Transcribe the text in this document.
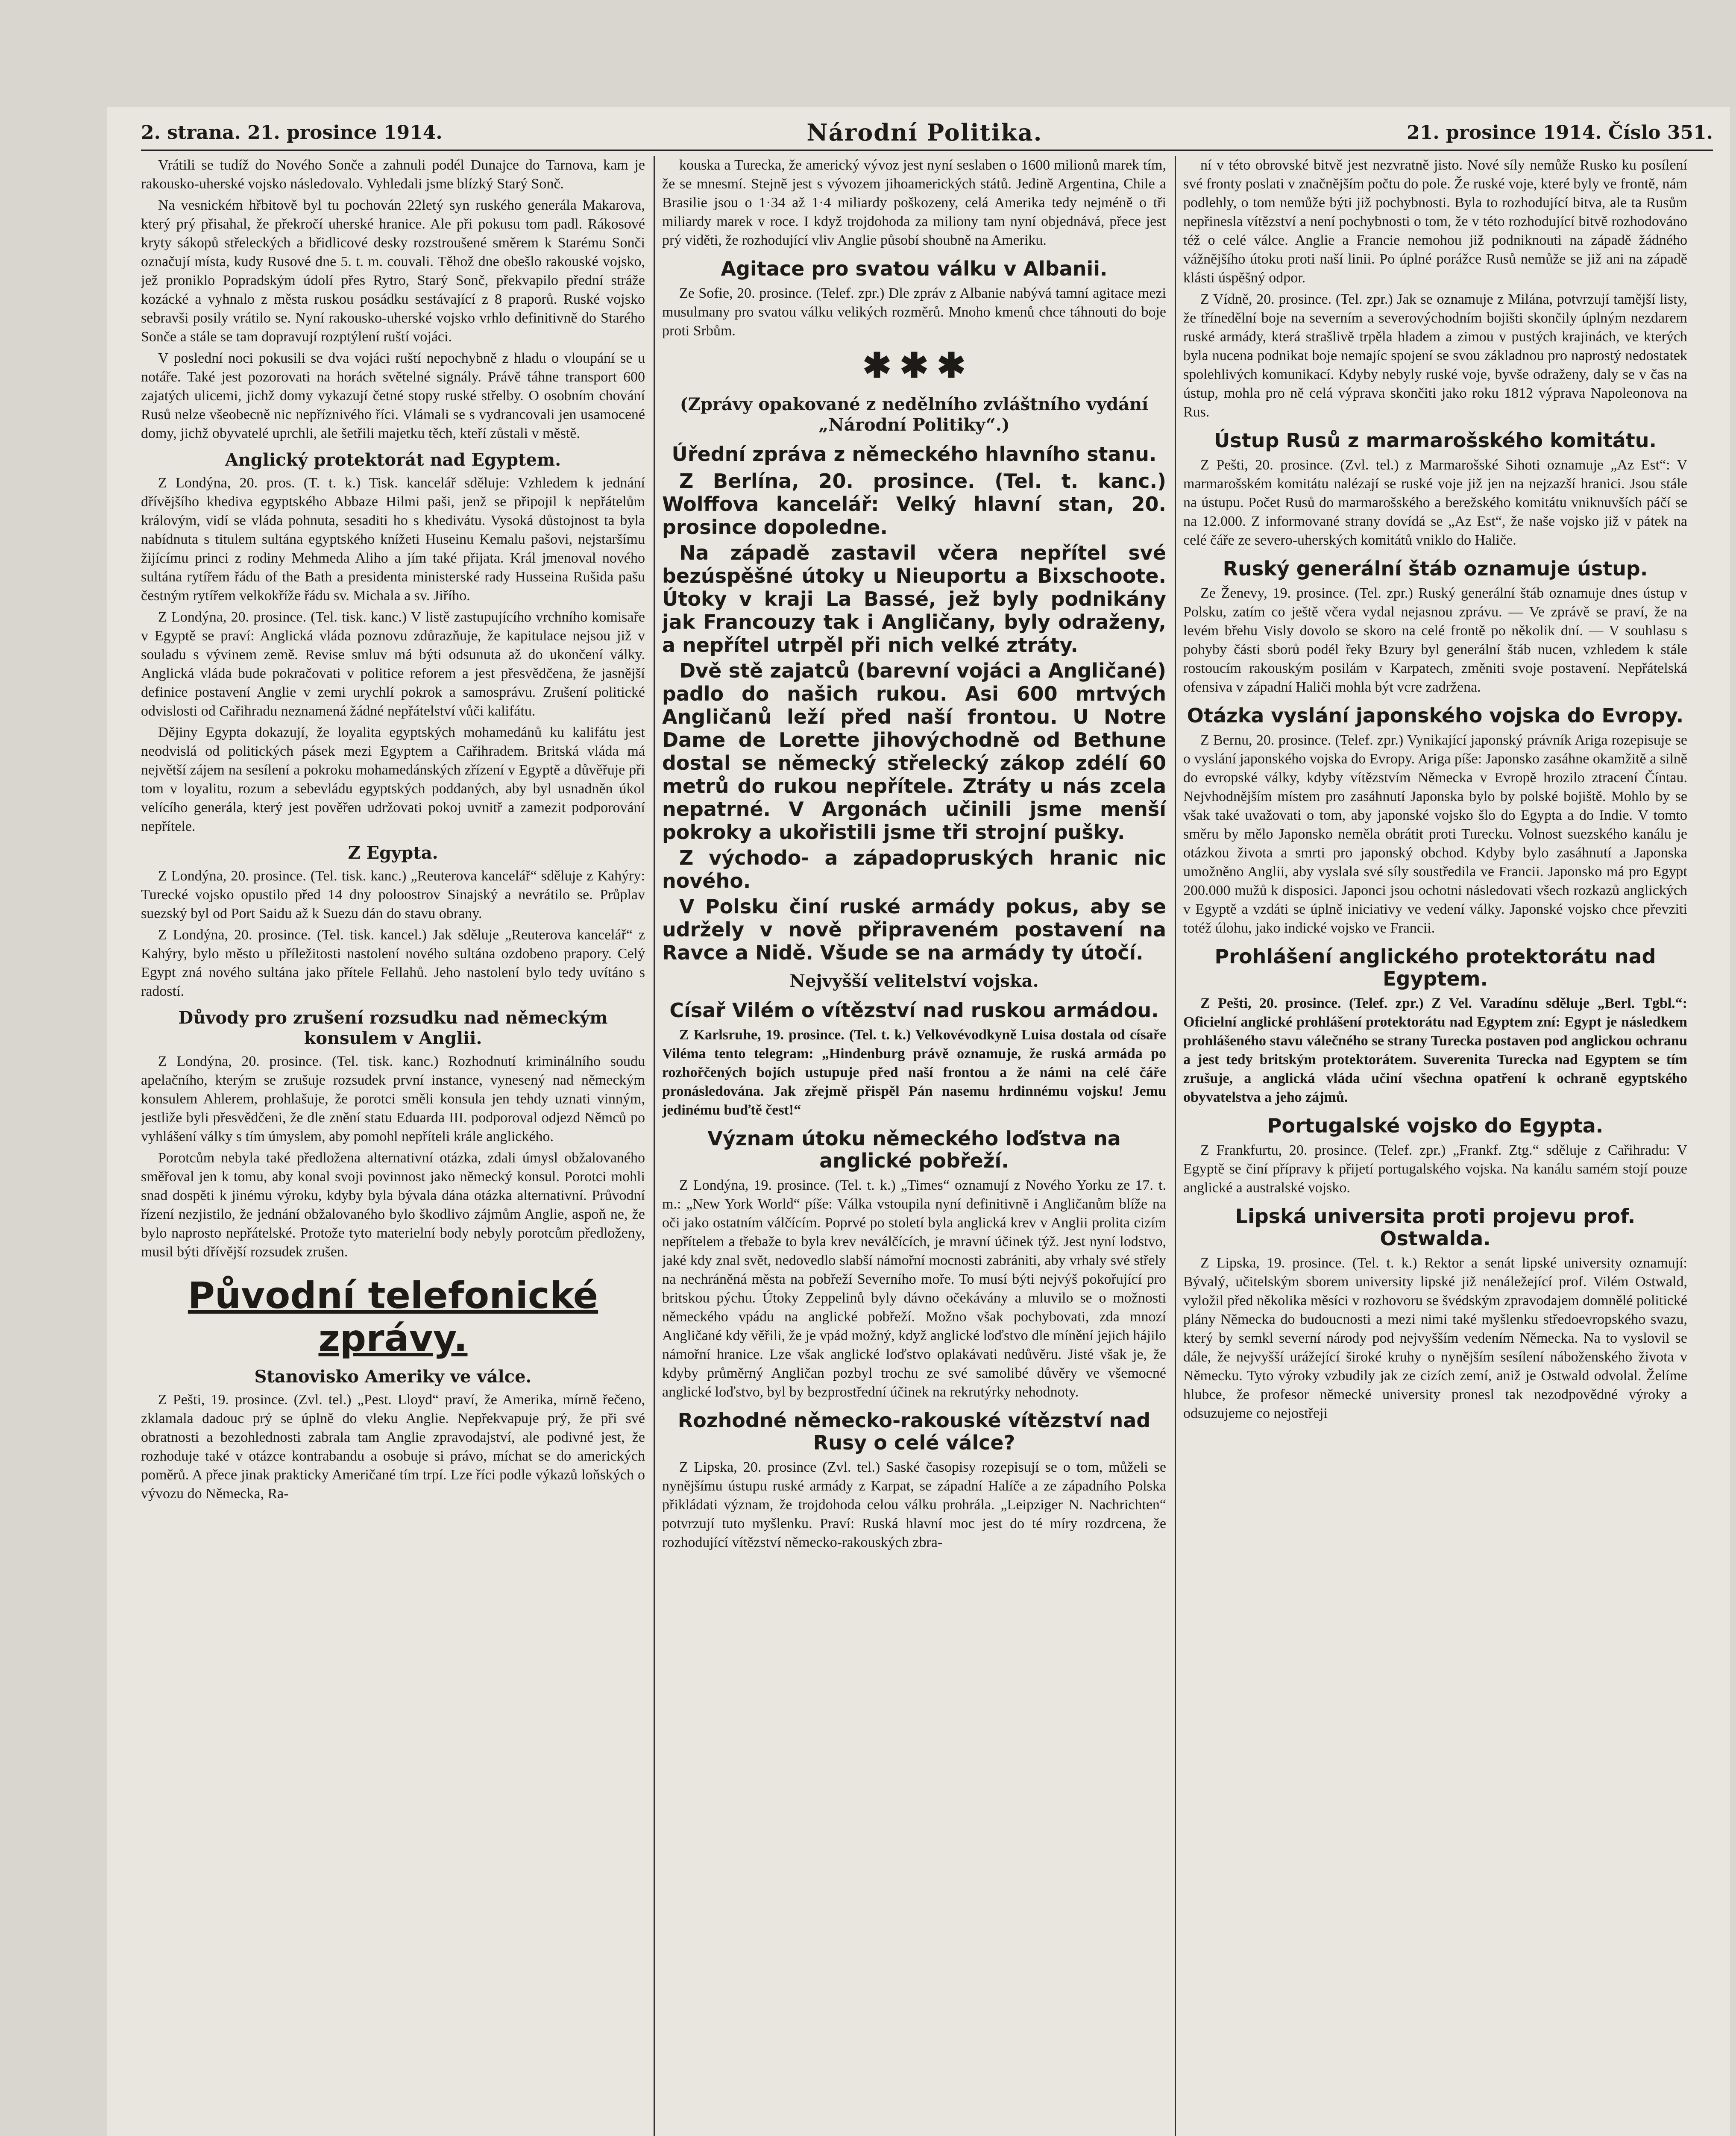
2. strana. 21. prosince 1914.	Národní Politika.	21. prosince 1914. Číslo 351.

Vrátili se tudíž do Nového Sonče a zahnuli podél Dunajce do Tarnova, kam je rakousko-uherské vojsko následovalo. Vyhledali jsme blízký Starý Sonč.

Na vesnickém hřbitově byl tu pochován 22letý syn ruského generála Makarova, který prý přisahal, že překročí uherské hranice. Ale při pokusu tom padl. Rákosové kryty sákopů střeleckých a břidlicové desky rozstroušené směrem k Starému Sonči označují místa, kudy Rusové dne 5. t. m. couvali. Těhož dne obešlo rakouské vojsko, jež proniklo Popradským údolí přes Rytro, Starý Sonč, překvapilo přední stráže kozácké a vyhnalo z města ruskou posádku sestávající z 8 praporů. Ruské vojsko sebravši posily vrátilo se. Nyní rakousko-uherské vojsko vrhlo definitivně do Starého Sonče a stále se tam dopravují rozptýlení ruští vojáci.

V poslední noci pokusili se dva vojáci ruští nepochybně z hladu o vloupání se u notáře. Také jest pozorovati na horách světelné signály. Právě táhne transport 600 zajatých ulicemi, jichž domy vykazují četné stopy ruské střelby. O osobním chování Rusů nelze všeobecně nic nepříznivého říci. Vlámali se s vydrancovali jen usamocené domy, jichž obyvatelé uprchli, ale šetřili majetku těch, kteří zůstali v městě.

Anglický protektorát nad Egyptem.

Z Londýna, 20. pros. (T. t. k.) Tisk. kancelář sděluje: Vzhledem k jednání dřívějšího khediva egyptského Abbaze Hilmi paši, jenž se připojil k nepřátelům královým, vidí se vláda pohnuta, sesaditi ho s khedivátu. Vysoká důstojnost ta byla nabídnuta s titulem sultána egyptského knížeti Huseinu Kemalu pašovi, nejstaršímu žijícímu princi z rodiny Mehmeda Aliho a jím také přijata. Král jmenoval nového sultána rytířem řádu of the Bath a presidenta ministerské rady Husseina Rušida pašu čestným rytířem velkokříže řádu sv. Michala a sv. Jiřího.

Z Londýna, 20. prosince. (Tel. tisk. kanc.) V listě zastupujícího vrchního komisaře v Egyptě se praví: Anglická vláda poznovu zdůrazňuje, že kapitulace nejsou již v souladu s vývinem země. Revise smluv má býti odsunuta až do ukončení války. Anglická vláda bude pokračovati v politice reforem a jest přesvědčena, že jasnější definice postavení Anglie v zemi urychlí pokrok a samosprávu. Zrušení politické odvislosti od Cařihradu neznamená žádné nepřátelství vůči kalifátu.

Dějiny Egypta dokazují, že loyalita egyptských mohamedánů ku kalifátu jest neodvislá od politických pásek mezi Egyptem a Cařihradem. Britská vláda má největší zájem na sesílení a pokroku mohamedánských zřízení v Egyptě a důvěřuje při tom v loyalitu, rozum a sebevládu egyptských poddaných, aby byl usnadněn úkol velícího generála, který jest pověřen udržovati pokoj uvnitř a zamezit podporování nepřítele.

Z Egypta.

Z Londýna, 20. prosince. (Tel. tisk. kanc.) „Reuterova kancelář“ sděluje z Kahýry: Turecké vojsko opustilo před 14 dny poloostrov Sinajský a nevrátilo se. Průplav suezský byl od Port Saidu až k Suezu dán do stavu obrany.

Z Londýna, 20. prosince. (Tel. tisk. kancel.) Jak sděluje „Reuterova kancelář“ z Kahýry, bylo město u příležitosti nastolení nového sultána ozdobeno prapory. Celý Egypt zná nového sultána jako přítele Fellahů. Jeho nastolení bylo tedy uvítáno s radostí.

Důvody pro zrušení rozsudku nad německým konsulem v Anglii.

Z Londýna, 20. prosince. (Tel. tisk. kanc.) Rozhodnutí kriminálního soudu apelačního, kterým se zrušuje rozsudek první instance, vynesený nad německým konsulem Ahlerem, prohlašuje, že porotci směli konsula jen tehdy uznati vinným, jestliže byli přesvědčeni, že dle znění statu Eduarda III. podporoval odjezd Němců po vyhlášení války s tím úmyslem, aby pomohl nepříteli krále anglického.

Porotcům nebyla také předložena alternativní otázka, zdali úmysl obžalovaného směřoval jen k tomu, aby konal svoji povinnost jako německý konsul. Porotci mohli snad dospěti k jinému výroku, kdyby byla bývala dána otázka alternativní. Průvodní řízení nezjistilo, že jednání obžalovaného bylo škodlivo zájmům Anglie, aspoň ne, že bylo naprosto nepřátelské. Protože tyto materielní body nebyly porotcům předloženy, musil býti dřívější rozsudek zrušen.

Původní telefonické zprávy.
Stanovisko Ameriky ve válce.

Z Pešti, 19. prosince. (Zvl. tel.) „Pest. Lloyd“ praví, že Amerika, mírně řečeno, zklamala dadouc prý se úplně do vleku Anglie. Nepřekvapuje prý, že při své obratnosti a bezohlednosti zabrala tam Anglie zpravodajství, ale podivné jest, že rozhoduje také v otázce kontrabandu a osobuje si právo, míchat se do amerických poměrů. A přece jinak prakticky Američané tím trpí. Lze říci podle výkazů loňských o vývozu do Německa, Ra-

kouska a Turecka, že americký vývoz jest nyní seslaben o 1600 milionů marek tím, že se mnesmí. Stejně jest s vývozem jihoamerických států. Jedině Argentina, Chile a Brasilie jsou o 1·34 až 1·4 miliardy poškozeny, celá Amerika tedy nejméně o tři miliardy marek v roce. I když trojdohoda za miliony tam nyní objednává, přece jest prý viděti, že rozhodující vliv Anglie působí shoubně na Ameriku.

Agitace pro svatou válku v Albanii.

Ze Sofie, 20. prosince. (Telef. zpr.) Dle zpráv z Albanie nabývá tamní agitace mezi musulmany pro svatou válku velikých rozměrů. Mnoho kmenů chce táhnouti do boje proti Srbům.

✱ ✱ ✱
(Zprávy opakované z nedělního zvláštního vydání „Národní Politiky“.)
Úřední zpráva z německého hlavního stanu.

Z Berlína, 20. prosince. (Tel. t. kanc.) Wolffova kancelář: Velký hlavní stan, 20. prosince dopoledne.

Na západě zastavil včera nepřítel své bezúspěšné útoky u Nieuportu a Bixschoote. Útoky v kraji La Bassé, jež byly podnikány jak Francouzy tak i Angličany, byly odraženy, a nepřítel utrpěl při nich velké ztráty.

Dvě stě zajatců (barevní vojáci a Angličané) padlo do našich rukou. Asi 600 mrtvých Angličanů leží před naší frontou. U Notre Dame de Lorette jihovýchodně od Bethune dostal se německý střelecký zákop zdélí 60 metrů do rukou nepřítele. Ztráty u nás zcela nepatrné. V Argonách učinili jsme menší pokroky a ukořistili jsme tři strojní pušky.

Z východo- a západopruských hranic nic nového.

V Polsku činí ruské armády pokus, aby se udržely v nově připraveném postavení na Ravce a Nidě. Všude se na armády ty útočí.

Nejvyšší velitelství vojska.
Císař Vilém o vítězství nad ruskou armádou.

Z Karlsruhe, 19. prosince. (Tel. t. k.) Velkovévodkyně Luisa dostala od císaře Viléma tento telegram: „Hindenburg právě oznamuje, že ruská armáda po rozhořčených bojích ustupuje před naší frontou a že námi na celé čáře pronásledována. Jak zřejmě přispěl Pán nasemu hrdinnému vojsku! Jemu jedinému buďtě čest!“

Význam útoku německého loďstva na anglické pobřeží.

Z Londýna, 19. prosince. (Tel. t. k.) „Times“ oznamují z Nového Yorku ze 17. t. m.: „New York World“ píše: Válka vstoupila nyní definitivně i Angličanům blíže na oči jako ostatním válčícím. Poprvé po století byla anglická krev v Anglii prolita cizím nepřítelem a třebaže to byla krev neválčících, je mravní účinek týž. Jest nyní lodstvo, jaké kdy znal svět, nedovedlo slabší námořní mocnosti zabrániti, aby vrhaly své střely na nechráněná města na pobřeží Severního moře. To musí býti nejvýš pokořující pro britskou pýchu. Útoky Zeppelinů byly dávno očekávány a mluvilo se o možnosti německého vpádu na anglické pobřeží. Možno však pochybovati, zda mnozí Angličané kdy věřili, že je vpád možný, když anglické loďstvo dle mínění jejich hájilo námořní hranice. Lze však anglické loďstvo oplakávati nedůvěru. Jisté však je, že kdyby průměrný Angličan pozbyl trochu ze své samolibé důvěry ve všemocné anglické loďstvo, byl by bezprostřední účinek na rekrutýrky nehodnoty.

Rozhodné německo-rakouské vítězství nad Rusy o celé válce?

Z Lipska, 20. prosince (Zvl. tel.) Saské časopisy rozepisují se o tom, můželi se nynějšímu ústupu ruské armády z Karpat, se západní Halíče a ze západního Polska přikládati význam, že trojdohoda celou válku prohrála. „Leipziger N. Nachrichten“ potvrzují tuto myšlenku. Praví: Ruská hlavní moc jest do té míry rozdrcena, že rozhodující vítězství německo-rakouských zbra-

ní v této obrovské bitvě jest nezvratně jisto. Nové síly nemůže Rusko ku posílení své fronty poslati v značnějším počtu do pole. Že ruské voje, které byly ve frontě, nám podlehly, o tom nemůže býti již pochybnosti. Byla to rozhodující bitva, ale ta Rusům nepřinesla vítězství a není pochybnosti o tom, že v této rozhodující bitvě rozhodováno též o celé válce. Anglie a Francie nemohou již podniknouti na západě žádného vážnějšího útoku proti naší linii. Po úplné porážce Rusů nemůže se již ani na západě klásti úspěšný odpor.

Z Vídně, 20. prosince. (Tel. zpr.) Jak se oznamuje z Milána, potvrzují tamější listy, že třínedělní boje na severním a severovýchodním bojišti skončily úplným nezdarem ruské armády, která strašlivě trpěla hladem a zimou v pustých krajinách, ve kterých byla nucena podnikat boje nemajíc spojení se svou základnou pro naprostý nedostatek spolehlivých komunikací. Kdyby nebyly ruské voje, byvše odraženy, daly se v čas na ústup, mohla pro ně celá výprava skončiti jako roku 1812 výprava Napoleonova na Rus.

Ústup Rusů z marmarošského komitátu.

Z Pešti, 20. prosince. (Zvl. tel.) z Marmarošské Sihoti oznamuje „Az Est“: V marmarošském komitátu nalézají se ruské voje již jen na nejzazší hranici. Jsou stále na ústupu. Počet Rusů do marmarošského a berežského komitátu vniknuvších páčí se na 12.000. Z informované strany dovídá se „Az Est“, že naše vojsko již v pátek na celé čáře ze severo-uherských komitátů vniklo do Haliče.

Ruský generální štáb oznamuje ústup.

Ze Ženevy, 19. prosince. (Tel. zpr.) Ruský generální štáb oznamuje dnes ústup v Polsku, zatím co ještě včera vydal nejasnou zprávu. — Ve zprávě se praví, že na levém břehu Visly dovolo se skoro na celé frontě po několik dní. — V souhlasu s pohyby části sborů podél řeky Bzury byl generální štáb nucen, vzhledem k stále rostoucím rakouským posilám v Karpatech, změniti svoje postavení. Nepřátelská ofensiva v západní Haliči mohla být vcre zadržena.

Otázka vyslání japonského vojska do Evropy.

Z Bernu, 20. prosince. (Telef. zpr.) Vynikající japonský právník Ariga rozepisuje se o vyslání japonského vojska do Evropy. Ariga píše: Japonsko zasáhne okamžitě a silně do evropské války, kdyby vítězstvím Německa v Evropě hrozilo ztracení Číntau. Nejvhodnějším místem pro zasáhnutí Japonska bylo by polské bojiště. Mohlo by se však také uvažovati o tom, aby japonské vojsko šlo do Egypta a do Indie. V tomto směru by mělo Japonsko neměla obrátit proti Turecku. Volnost suezského kanálu je otázkou života a smrti pro japonský obchod. Kdyby bylo zasáhnutí a Japonska umožněno Anglii, aby vyslala své síly soustředila ve Francii. Japonsko má pro Egypt 200.000 mužů k disposici. Japonci jsou ochotni následovati všech rozkazů anglických v Egyptě a vzdáti se úplně iniciativy ve vedení války. Japonské vojsko chce převziti totéž úlohu, jako indické vojsko ve Francii.

Prohlášení anglického protektorátu nad Egyptem.

Z Pešti, 20. prosince. (Telef. zpr.) Z Vel. Varadínu sděluje „Berl. Tgbl.“: Oficielní anglické prohlášení protektorátu nad Egyptem zní: Egypt je následkem prohlášeného stavu válečného se strany Turecka postaven pod anglickou ochranu a jest tedy britským protektorátem. Suverenita Turecka nad Egyptem se tím zrušuje, a anglická vláda učiní všechna opatření k ochraně egyptského obyvatelstva a jeho zájmů.

Portugalské vojsko do Egypta.

Z Frankfurtu, 20. prosince. (Telef. zpr.) „Frankf. Ztg.“ sděluje z Cařihradu: V Egyptě se činí přípravy k přijetí portugalského vojska. Na kanálu samém stojí pouze anglické a australské vojsko.

Lipská universita proti projevu prof. Ostwalda.

Z Lipska, 19. prosince. (Tel. t. k.) Rektor a senát lipské university oznamují: Bývalý, učitelským sborem university lipské již nenáležející prof. Vilém Ostwald, vyložil před několika měsíci v rozhovoru se švédským zpravodajem domnělé politické plány Německa do budoucnosti a mezi nimi také myšlenku středoevropského svazu, který by semkl severní národy pod nejvyšším vedením Německa. Na to vyslovil se dále, že nejvyšší urážející široké kruhy o nynějším sesílení náboženského života v Německu. Tyto výroky vzbudily jak ze cizích zemí, aniž je Ostwald odvolal. Želíme hlubce, že profesor německé university pronesl tak nezodpovědné výroky a odsuzujeme co nejostřeji
